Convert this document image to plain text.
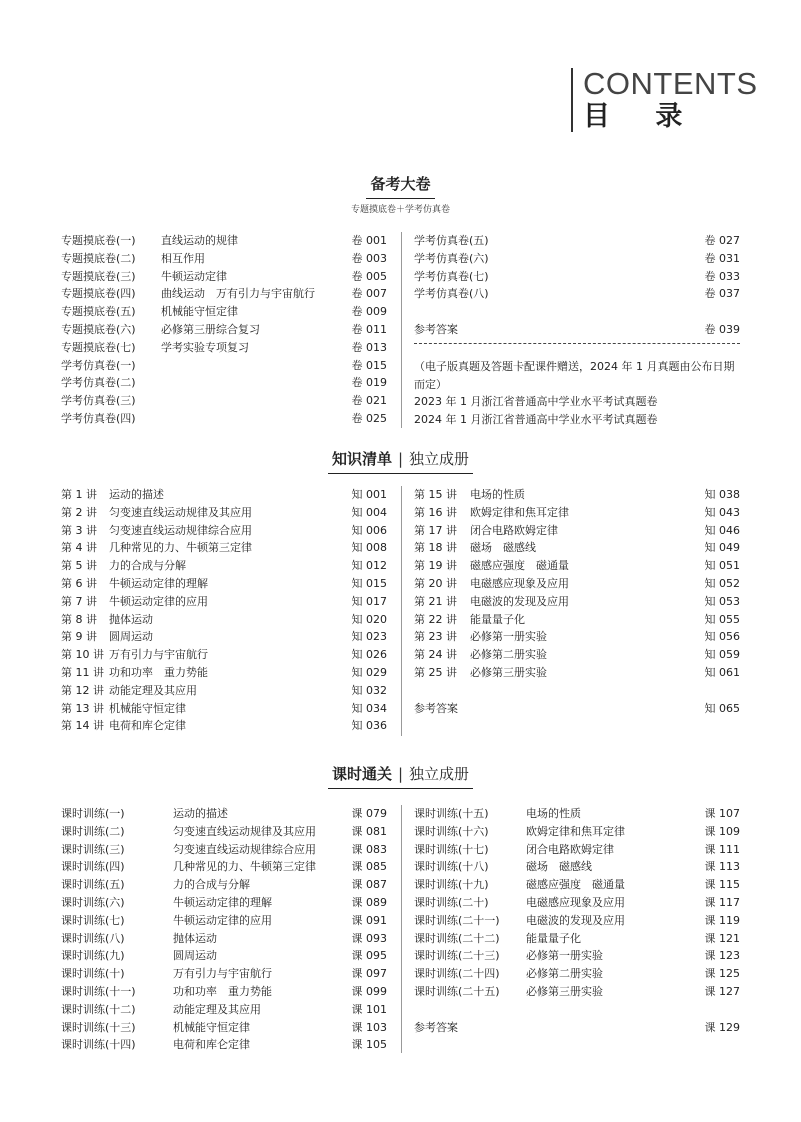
CONTENTS
目 录
备考大卷
专题摸底卷＋学考仿真卷
专题摸底卷(一) 直线运动的规律	卷 001
专题摸底卷(二) 相互作用	卷 003
专题摸底卷(三) 牛顿运动定律	卷 005
专题摸底卷(四) 曲线运动　万有引力与宇宙航行	卷 007
专题摸底卷(五) 机械能守恒定律	卷 009
专题摸底卷(六) 必修第三册综合复习	卷 011
专题摸底卷(七) 学考实验专项复习	卷 013
学考仿真卷(一)	卷 015
学考仿真卷(二)	卷 019
学考仿真卷(三)	卷 021
学考仿真卷(四)	卷 025
学考仿真卷(五)	卷 027
学考仿真卷(六)	卷 031
学考仿真卷(七)	卷 033
学考仿真卷(八)	卷 037
参考答案	卷 039
（电子版真题及答题卡配课件赠送，2024 年 1 月真题由公布日期而定）
2023 年 1 月浙江省普通高中学业水平考试真题卷
2024 年 1 月浙江省普通高中学业水平考试真题卷
知识清单 | 独立成册
第 1 讲 运动的描述	知 001
第 2 讲 匀变速直线运动规律及其应用	知 004
第 3 讲 匀变速直线运动规律综合应用	知 006
第 4 讲 几种常见的力、牛顿第三定律	知 008
第 5 讲 力的合成与分解	知 012
第 6 讲 牛顿运动定律的理解	知 015
第 7 讲 牛顿运动定律的应用	知 017
第 8 讲 抛体运动	知 020
第 9 讲 圆周运动	知 023
第 10 讲 万有引力与宇宙航行	知 026
第 11 讲 功和功率　重力势能	知 029
第 12 讲 动能定理及其应用	知 032
第 13 讲 机械能守恒定律	知 034
第 14 讲 电荷和库仑定律	知 036
第 15 讲 电场的性质	知 038
第 16 讲 欧姆定律和焦耳定律	知 043
第 17 讲 闭合电路欧姆定律	知 046
第 18 讲 磁场　磁感线	知 049
第 19 讲 磁感应强度　磁通量	知 051
第 20 讲 电磁感应现象及应用	知 052
第 21 讲 电磁波的发现及应用	知 053
第 22 讲 能量量子化	知 055
第 23 讲 必修第一册实验	知 056
第 24 讲 必修第二册实验	知 059
第 25 讲 必修第三册实验	知 061
参考答案	知 065
课时通关 | 独立成册
课时训练(一)	运动的描述	课 079
课时训练(二)	匀变速直线运动规律及其应用	课 081
课时训练(三)	匀变速直线运动规律综合应用	课 083
课时训练(四)	几种常见的力、牛顿第三定律	课 085
课时训练(五)	力的合成与分解	课 087
课时训练(六)	牛顿运动定律的理解	课 089
课时训练(七)	牛顿运动定律的应用	课 091
课时训练(八)	抛体运动	课 093
课时训练(九)	圆周运动	课 095
课时训练(十)	万有引力与宇宙航行	课 097
课时训练(十一)	功和功率　重力势能	课 099
课时训练(十二)	动能定理及其应用	课 101
课时训练(十三)	机械能守恒定律	课 103
课时训练(十四)	电荷和库仑定律	课 105
课时训练(十五)	电场的性质	课 107
课时训练(十六)	欧姆定律和焦耳定律	课 109
课时训练(十七)	闭合电路欧姆定律	课 111
课时训练(十八)	磁场　磁感线	课 113
课时训练(十九)	磁感应强度　磁通量	课 115
课时训练(二十)	电磁感应现象及应用	课 117
课时训练(二十一) 电磁波的发现及应用	课 119
课时训练(二十二) 能量量子化	课 121
课时训练(二十三) 必修第一册实验	课 123
课时训练(二十四) 必修第二册实验	课 125
课时训练(二十五) 必修第三册实验	课 127
参考答案	课 129
